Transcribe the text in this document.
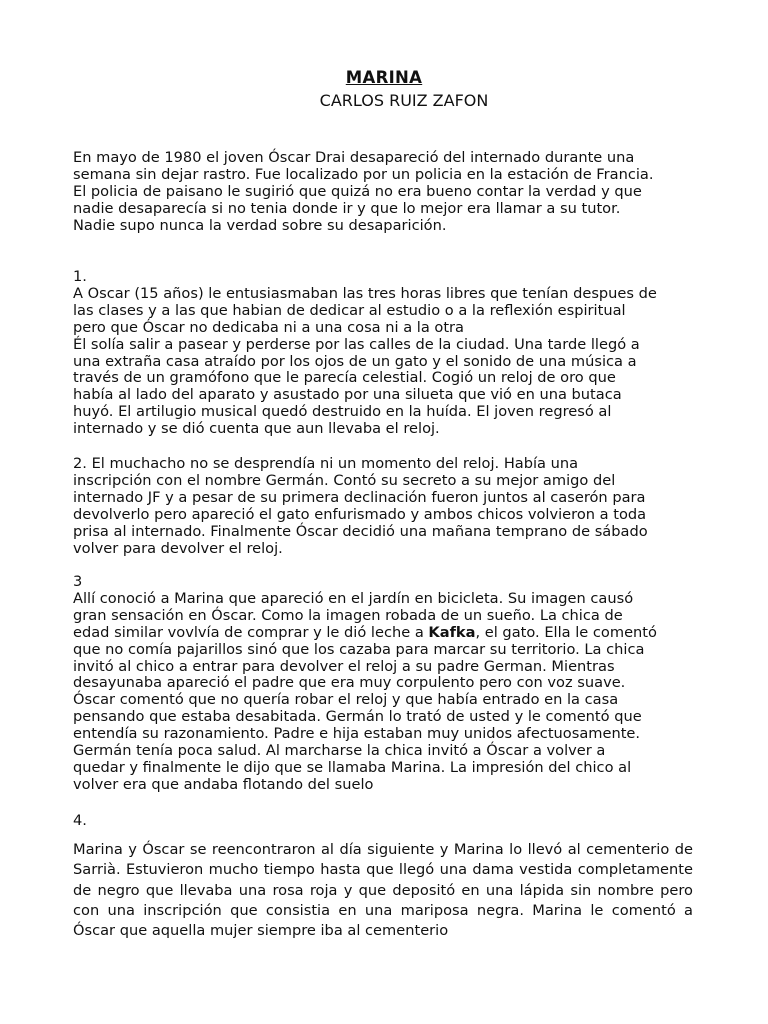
MARINA
CARLOS RUIZ ZAFON
En mayo de 1980 el joven Óscar Drai desapareció del internado durante una
semana sin dejar rastro. Fue localizado por un policia en la estación de Francia.
El policia de paisano le sugirió que quizá no era bueno contar la verdad y que
nadie desaparecía si no tenia donde ir y que lo mejor era llamar a su tutor.
Nadie supo nunca la verdad sobre su desaparición.
1.
A Oscar (15 años) le entusiasmaban las tres horas libres que tenían despues de
las clases y a las que habian de dedicar al estudio o a la reflexión espiritual
pero que Óscar no dedicaba ni a una cosa ni a la otra
Él solía salir a pasear y perderse por las calles de la ciudad. Una tarde llegó a
una extraña casa atraído por los ojos de un gato y el sonido de una música a
través de un gramófono que le parecía celestial. Cogió un reloj de oro que
había al lado del aparato y asustado por una silueta que vió en una butaca
huyó. El artilugio musical quedó destruido en la huída. El joven regresó al
internado y se dió cuenta que aun llevaba el reloj.
2. El muchacho no se desprendía ni un momento del reloj. Había una
inscripción con el nombre Germán. Contó su secreto a su mejor amigo del
internado JF y a pesar de su primera declinación fueron juntos al caserón para
devolverlo pero apareció el gato enfurismado y ambos chicos volvieron a toda
prisa al internado. Finalmente Óscar decidió una mañana temprano de sábado
volver para devolver el reloj.
3
Allí conoció a Marina que apareció en el jardín en bicicleta. Su imagen causó
gran sensación en Óscar. Como la imagen robada de un sueño. La chica de
edad similar vovlvía de comprar y le dió leche a Kafka, el gato. Ella le comentó
que no comía pajarillos sinó que los cazaba para marcar su territorio. La chica
invitó al chico a entrar para devolver el reloj a su padre German. Mientras
desayunaba apareció el padre que era muy corpulento pero con voz suave.
Óscar comentó que no quería robar el reloj y que había entrado en la casa
pensando que estaba desabitada. Germán lo trató de usted y le comentó que
entendía su razonamiento. Padre e hija estaban muy unidos afectuosamente.
Germán tenía poca salud. Al marcharse la chica invitó a Óscar a volver a
quedar y finalmente le dijo que se llamaba Marina. La impresión del chico al
volver era que andaba flotando del suelo
4.
Marina y Óscar se reencontraron al día siguiente y Marina lo llevó al cementerio de Sarrià. Estuvieron mucho tiempo hasta que llegó una dama vestida completamente de negro que llevaba una rosa roja y que depositó en una lápida sin nombre pero con una inscripción que consistia en una mariposa negra. Marina le comentó a Óscar que aquella mujer siempre iba al cementerio
